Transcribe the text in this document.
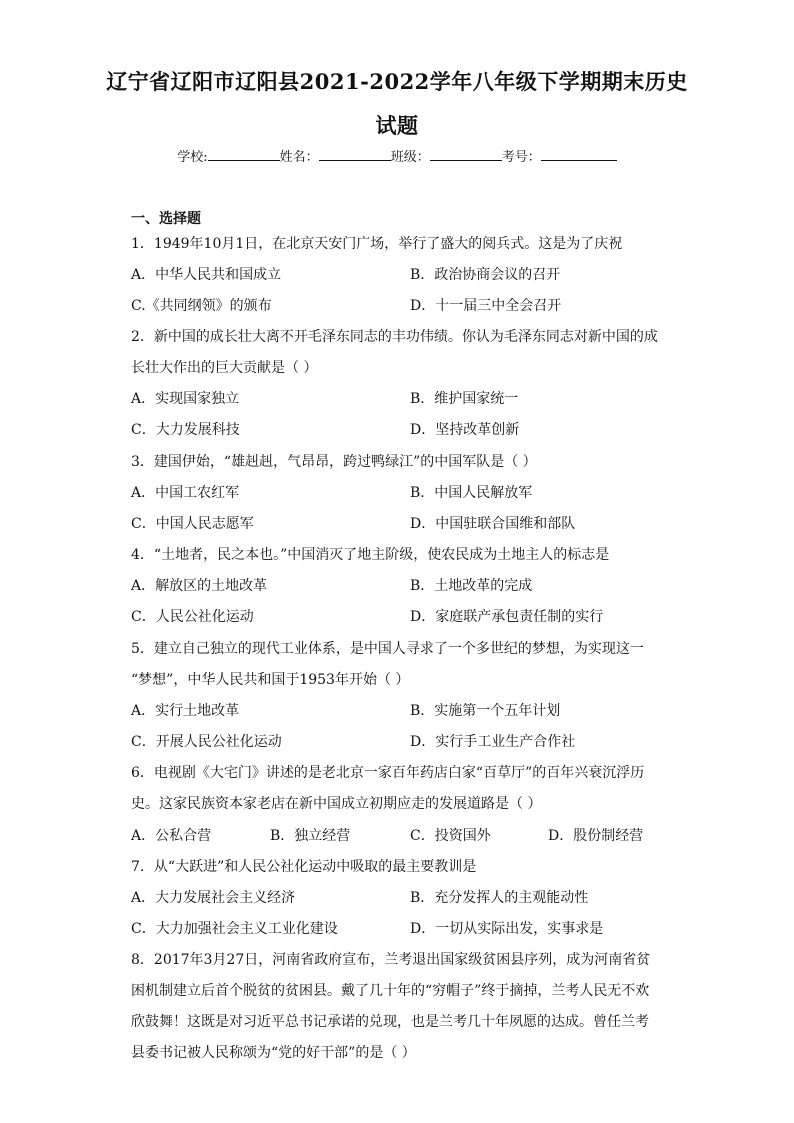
辽宁省辽阳市辽阳县2021-2022学年八年级下学期期末历史
试题
学校:	姓名：	班级：	考号：
一、选择题
1．1949年10月1日，在北京天安门广场，举行了盛大的阅兵式。这是为了庆祝
A．中华人民共和国成立	B．政治协商会议的召开
C.《共同纲领》的颁布	D．十一届三中全会召开
2．新中国的成长壮大离不开毛泽东同志的丰功伟绩。你认为毛泽东同志对新中国的成
长壮大作出的巨大贡献是（ ）
A．实现国家独立	B．维护国家统一
C．大力发展科技	D．坚持改革创新
3．建国伊始，“雄赳赳，气昂昂，跨过鸭绿江”的中国军队是（ ）
A．中国工农红军	B．中国人民解放军
C．中国人民志愿军	D．中国驻联合国维和部队
4．“土地者，民之本也。”中国消灭了地主阶级，使农民成为土地主人的标志是
A．解放区的土地改革	B．土地改革的完成
C．人民公社化运动	D．家庭联产承包责任制的实行
5．建立自己独立的现代工业体系，是中国人寻求了一个多世纪的梦想，为实现这一
“梦想”，中华人民共和国于1953年开始（ ）
A．实行土地改革	B．实施第一个五年计划
C．开展人民公社化运动	D．实行手工业生产合作社
6．电视剧《大宅门》讲述的是老北京一家百年药店白家“百草厅”的百年兴衰沉浮历
史。这家民族资本家老店在新中国成立初期应走的发展道路是（ ）
A．公私合营	B．独立经营	C．投资国外	D．股份制经营
7．从“大跃进”和人民公社化运动中吸取的最主要教训是
A．大力发展社会主义经济	B．充分发挥人的主观能动性
C．大力加强社会主义工业化建设	D．一切从实际出发，实事求是
8．2017年3月27日，河南省政府宣布，兰考退出国家级贫困县序列，成为河南省贫
困机制建立后首个脱贫的贫困县。戴了几十年的“穷帽子”终于摘掉，兰考人民无不欢
欣鼓舞！这既是对习近平总书记承诺的兑现，也是兰考几十年夙愿的达成。曾任兰考
县委书记被人民称颂为“党的好干部”的是（ ）
